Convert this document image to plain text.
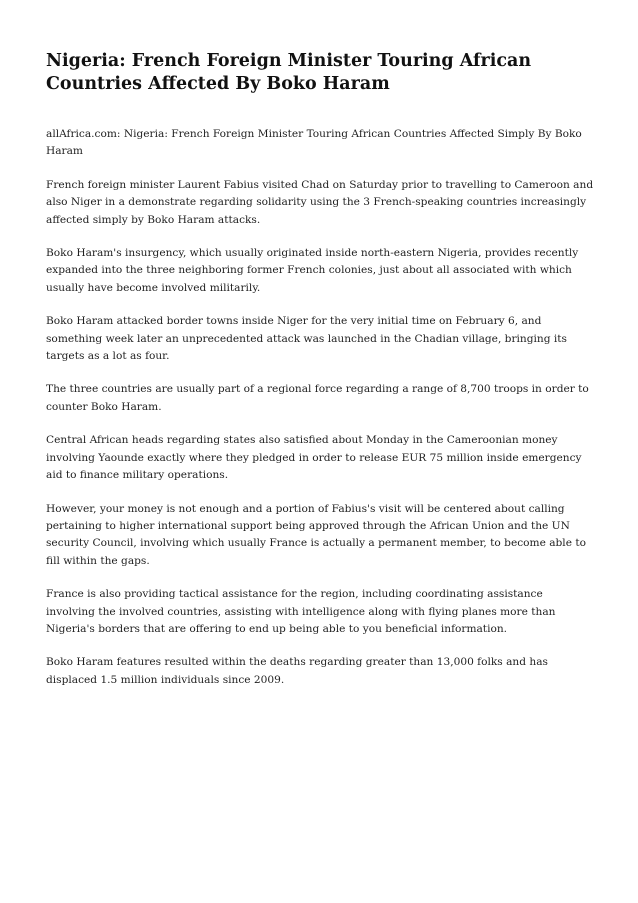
Nigeria: French Foreign Minister Touring African Countries Affected By Boko Haram

allAfrica.com: Nigeria: French Foreign Minister Touring African Countries Affected Simply By Boko Haram

French foreign minister Laurent Fabius visited Chad on Saturday prior to travelling to Cameroon and also Niger in a demonstrate regarding solidarity using the 3 French-speaking countries increasingly affected simply by Boko Haram attacks.

Boko Haram's insurgency, which usually originated inside north-eastern Nigeria, provides recently expanded into the three neighboring former French colonies, just about all associated with which usually have become involved militarily.

Boko Haram attacked border towns inside Niger for the very initial time on February 6, and something week later an unprecedented attack was launched in the Chadian village, bringing its targets as a lot as four.

The three countries are usually part of a regional force regarding a range of 8,700 troops in order to counter Boko Haram.

Central African heads regarding states also satisfied about Monday in the Cameroonian money involving Yaounde exactly where they pledged in order to release EUR 75 million inside emergency aid to finance military operations.

However, your money is not enough and a portion of Fabius's visit will be centered about calling pertaining to higher international support being approved through the African Union and the UN security Council, involving which usually France is actually a permanent member, to become able to fill within the gaps.

France is also providing tactical assistance for the region, including coordinating assistance involving the involved countries, assisting with intelligence along with flying planes more than Nigeria's borders that are offering to end up being able to you beneficial information.

Boko Haram features resulted within the deaths regarding greater than 13,000 folks and has displaced 1.5 million individuals since 2009.
